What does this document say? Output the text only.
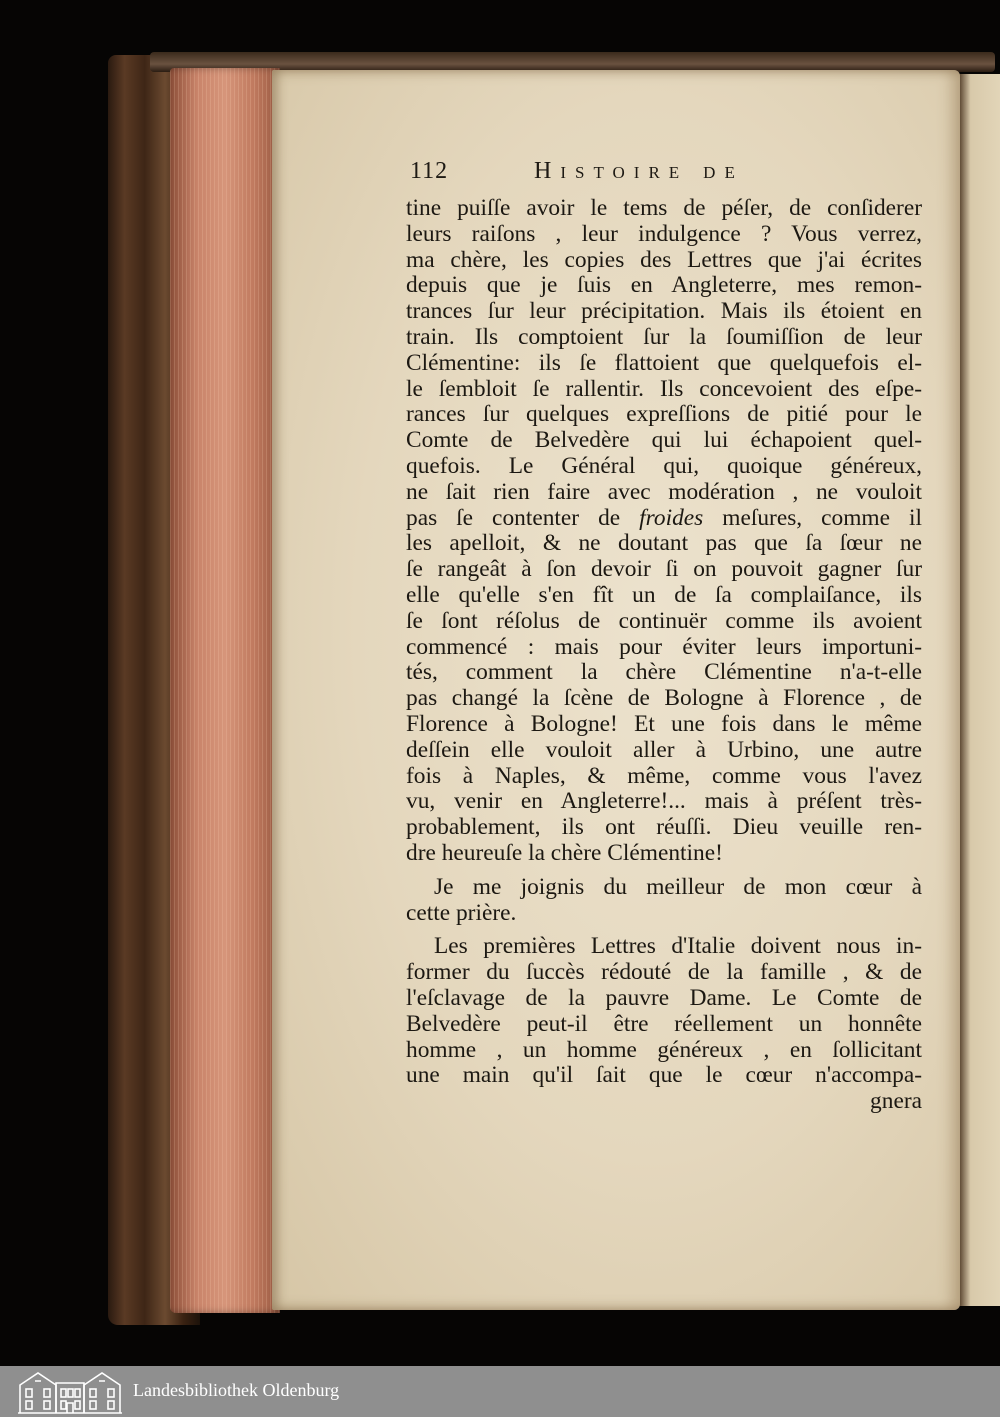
112	Histoire de
tine puiſſe avoir le tems de péſer, de conſiderer
leurs raiſons , leur indulgence ? Vous verrez,
ma chère, les copies des Lettres que j'ai écrites
depuis que je ſuis en Angleterre, mes remon-
trances ſur leur précipitation. Mais ils étoient en
train. Ils comptoient ſur la ſoumiſſion de leur
Clémentine: ils ſe flattoient que quelquefois el-
le ſembloit ſe rallentir. Ils concevoient des eſpe-
rances ſur quelques expreſſions de pitié pour le
Comte de Belvedère qui lui échapoient quel-
quefois. Le Général qui, quoique généreux,
ne ſait rien faire avec modération , ne vouloit
pas ſe contenter de froides meſures, comme il
les apelloit, & ne doutant pas que ſa ſœur ne
ſe rangeât à ſon devoir ſi on pouvoit gagner ſur
elle qu'elle s'en fît un de ſa complaiſance, ils
ſe ſont réſolus de continuër comme ils avoient
commencé : mais pour éviter leurs importuni-
tés, comment la chère Clémentine n'a-t-elle
pas changé la ſcène de Bologne à Florence , de
Florence à Bologne! Et une fois dans le même
deſſein elle vouloit aller à Urbino, une autre
fois à Naples, & même, comme vous l'avez
vu, venir en Angleterre!... mais à préſent très-
probablement, ils ont réuſſi. Dieu veuille ren-
dre heureuſe la chère Clémentine!
Je me joignis du meilleur de mon cœur à
cette prière.
Les premières Lettres d'Italie doivent nous in-
former du ſuccès rédouté de la famille , & de
l'eſclavage de la pauvre Dame. Le Comte de
Belvedère peut-il être réellement un honnête
homme , un homme généreux , en ſollicitant
une main qu'il ſait que le cœur n'accompa-
gnera
Landesbibliothek Oldenburg
